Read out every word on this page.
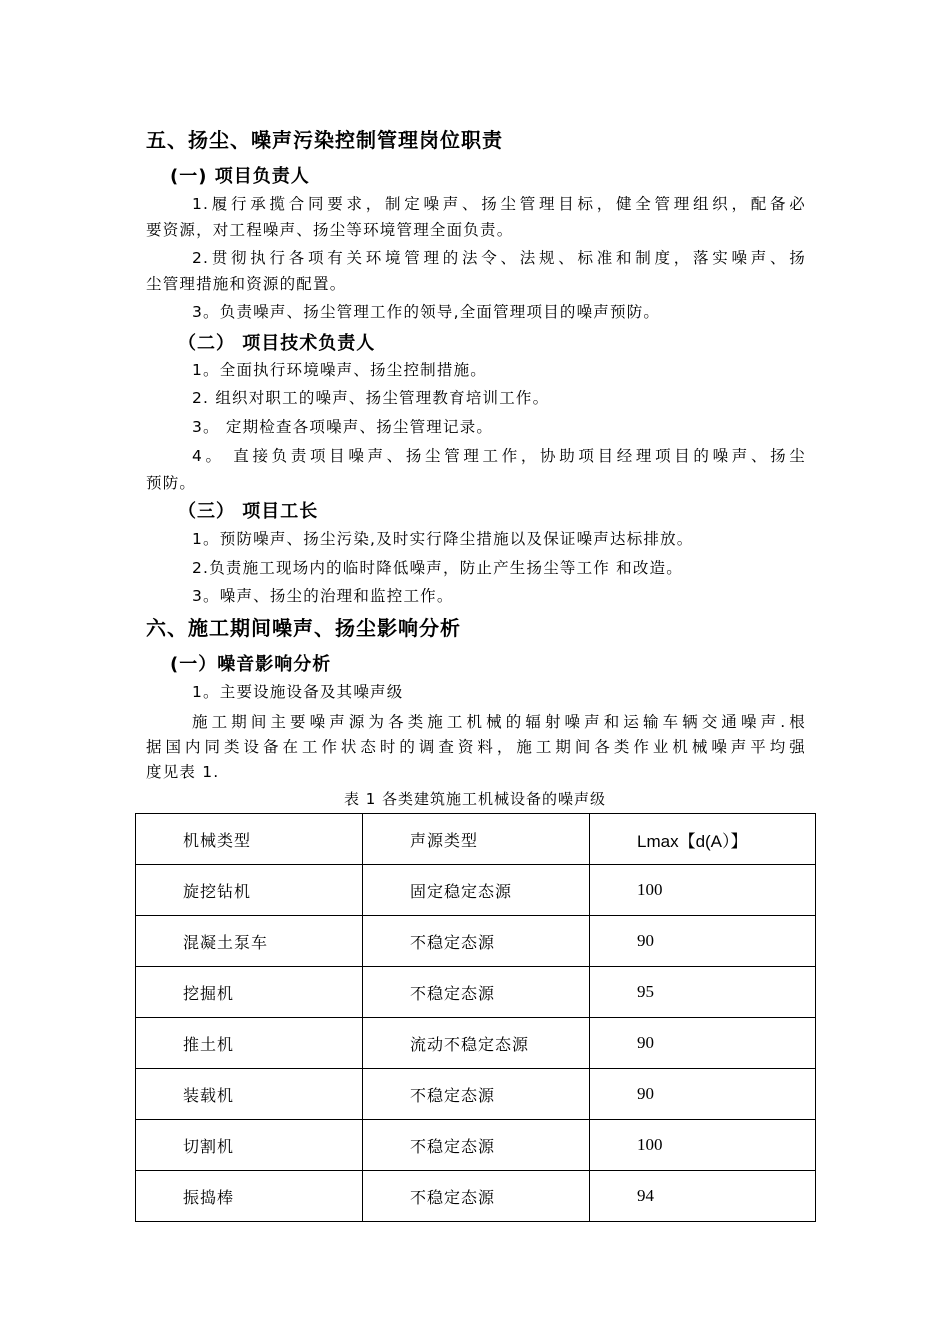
五、扬尘、噪声污染控制管理岗位职责
(一) 项目负责人
1.履行承揽合同要求，制定噪声、扬尘管理目标，健全管理组织，配备必
要资源，对工程噪声、扬尘等环境管理全面负责。
2.贯彻执行各项有关环境管理的法令、法规、标准和制度，落实噪声、扬
尘管理措施和资源的配置。
3。负责噪声、扬尘管理工作的领导,全面管理项目的噪声预防。
（二） 项目技术负责人
1。全面执行环境噪声、扬尘控制措施。
2. 组织对职工的噪声、扬尘管理教育培训工作。
3。 定期检查各项噪声、扬尘管理记录。
4。 直接负责项目噪声、扬尘管理工作，协助项目经理项目的噪声、扬尘
预防。
（三） 项目工长
1。预防噪声、扬尘污染,及时实行降尘措施以及保证噪声达标排放。
2.负责施工现场内的临时降低噪声，防止产生扬尘等工作 和改造。
3。噪声、扬尘的治理和监控工作。
六、施工期间噪声、扬尘影响分析
(一）噪音影响分析
1。主要设施设备及其噪声级
施工期间主要噪声源为各类施工机械的辐射噪声和运输车辆交通噪声.根
据国内同类设备在工作状态时的调查资料，施工期间各类作业机械噪声平均强
度见表 1.
表 1 各类建筑施工机械设备的噪声级
机械类型	声源类型	Lmax【d(A）】
旋挖钻机	固定稳定态源	100
混凝土泵车	不稳定态源	90
挖掘机	不稳定态源	95
推土机	流动不稳定态源	90
装载机	不稳定态源	90
切割机	不稳定态源	100
振捣棒	不稳定态源	94
